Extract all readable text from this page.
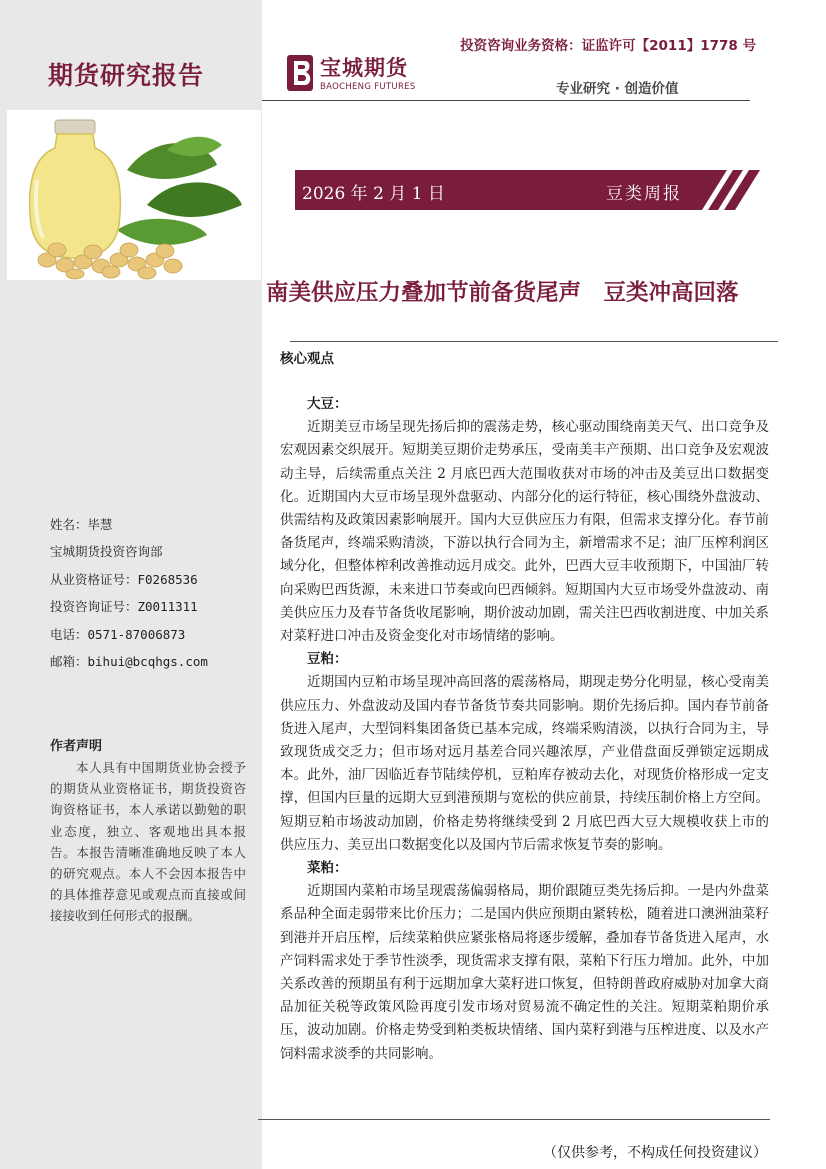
期货研究报告
姓名：毕慧
宝城期货投资咨询部
从业资格证号：F0268536
投资咨询证号：Z0011311
电话：0571-87006873
邮箱：bihui@bcqhgs.com
作者声明
本人具有中国期货业协会授予的期货从业资格证书，期货投资咨询资格证书，本人承诺以勤勉的职业态度，独立、客观地出具本报告。本报告清晰准确地反映了本人的研究观点。本人不会因本报告中的具体推荐意见或观点而直接或间接接收到任何形式的报酬。
投资咨询业务资格：证监许可【2011】1778 号
宝城期货
BAOCHENG FUTURES	专业研究 · 创造价值
2026 年 2 月 1 日	豆类周报
南美供应压力叠加节前备货尾声　豆类冲高回落
核心观点
大豆：

近期美豆市场呈现先扬后抑的震荡走势，核心驱动围绕南美天气、出口竞争及宏观因素交织展开。短期美豆期价走势承压，受南美丰产预期、出口竞争及宏观波动主导，后续需重点关注 2 月底巴西大范围收获对市场的冲击及美豆出口数据变化。近期国内大豆市场呈现外盘驱动、内部分化的运行特征，核心围绕外盘波动、供需结构及政策因素影响展开。国内大豆供应压力有限，但需求支撑分化。春节前备货尾声，终端采购清淡，下游以执行合同为主，新增需求不足；油厂压榨利润区域分化，但整体榨利改善推动远月成交。此外，巴西大豆丰收预期下，中国油厂转向采购巴西货源，未来进口节奏或向巴西倾斜。短期国内大豆市场受外盘波动、南美供应压力及春节备货收尾影响，期价波动加剧，需关注巴西收割进度、中加关系对菜籽进口冲击及资金变化对市场情绪的影响。

豆粕：

近期国内豆粕市场呈现冲高回落的震荡格局，期现走势分化明显，核心受南美供应压力、外盘波动及国内春节备货节奏共同影响。期价先扬后抑。国内春节前备货进入尾声，大型饲料集团备货已基本完成，终端采购清淡，以执行合同为主，导致现货成交乏力；但市场对远月基差合同兴趣浓厚，产业借盘面反弹锁定远期成本。此外，油厂因临近春节陆续停机，豆粕库存被动去化，对现货价格形成一定支撑，但国内巨量的远期大豆到港预期与宽松的供应前景，持续压制价格上方空间。短期豆粕市场波动加剧，价格走势将继续受到 2 月底巴西大豆大规模收获上市的供应压力、美豆出口数据变化以及国内节后需求恢复节奏的影响。

菜粕：

近期国内菜粕市场呈现震荡偏弱格局，期价跟随豆类先扬后抑。一是内外盘菜系品种全面走弱带来比价压力；二是国内供应预期由紧转松，随着进口澳洲油菜籽到港并开启压榨，后续菜粕供应紧张格局将逐步缓解，叠加春节备货进入尾声，水产饲料需求处于季节性淡季，现货需求支撑有限，菜粕下行压力增加。此外，中加关系改善的预期虽有利于远期加拿大菜籽进口恢复，但特朗普政府威胁对加拿大商品加征关税等政策风险再度引发市场对贸易流不确定性的关注。短期菜粕期价承压，波动加剧。价格走势受到粕类板块情绪、国内菜籽到港与压榨进度、以及水产饲料需求淡季的共同影响。

（仅供参考，不构成任何投资建议）
